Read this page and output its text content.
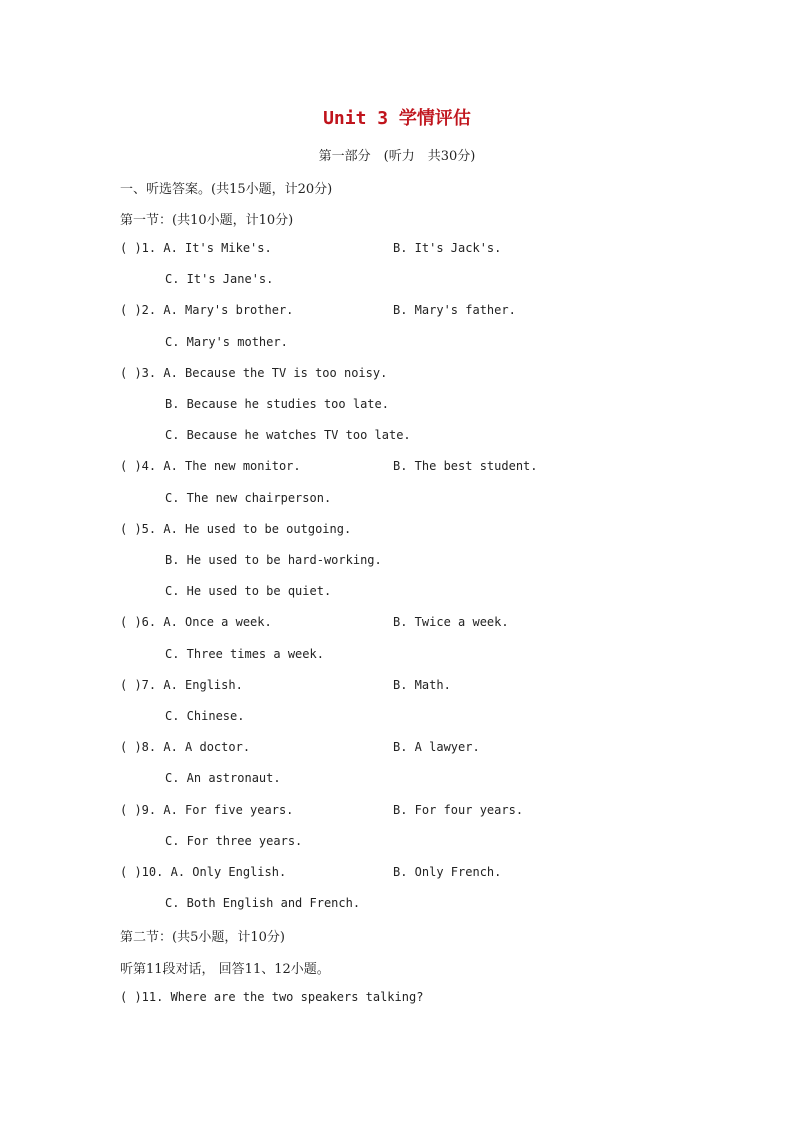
Unit 3 学情评估
第一部分　(听力　共30分)
一、听选答案。(共15小题，计20分)
第一节：(共10小题，计10分)
( )1. A. It's Mike's.	B. It's Jack's.
C. It's Jane's.
( )2. A. Mary's brother.	B. Mary's father.
C. Mary's mother.
( )3. A. Because the TV is too noisy.
B. Because he studies too late.
C. Because he watches TV too late.
( )4. A. The new monitor.	B. The best student.
C. The new chairperson.
( )5. A. He used to be outgoing.
B. He used to be hard-working.
C. He used to be quiet.
( )6. A. Once a week.	B. Twice a week.
C. Three times a week.
( )7. A. English.	B. Math.
C. Chinese.
( )8. A. A doctor.	B. A lawyer.
C. An astronaut.
( )9. A. For five years.	B. For four years.
C. For three years.
( )10. A. Only English.	B. Only French.
C. Both English and French.
第二节：(共5小题，计10分)
听第11段对话， 回答11、12小题。
( )11. Where are the two speakers talking?
